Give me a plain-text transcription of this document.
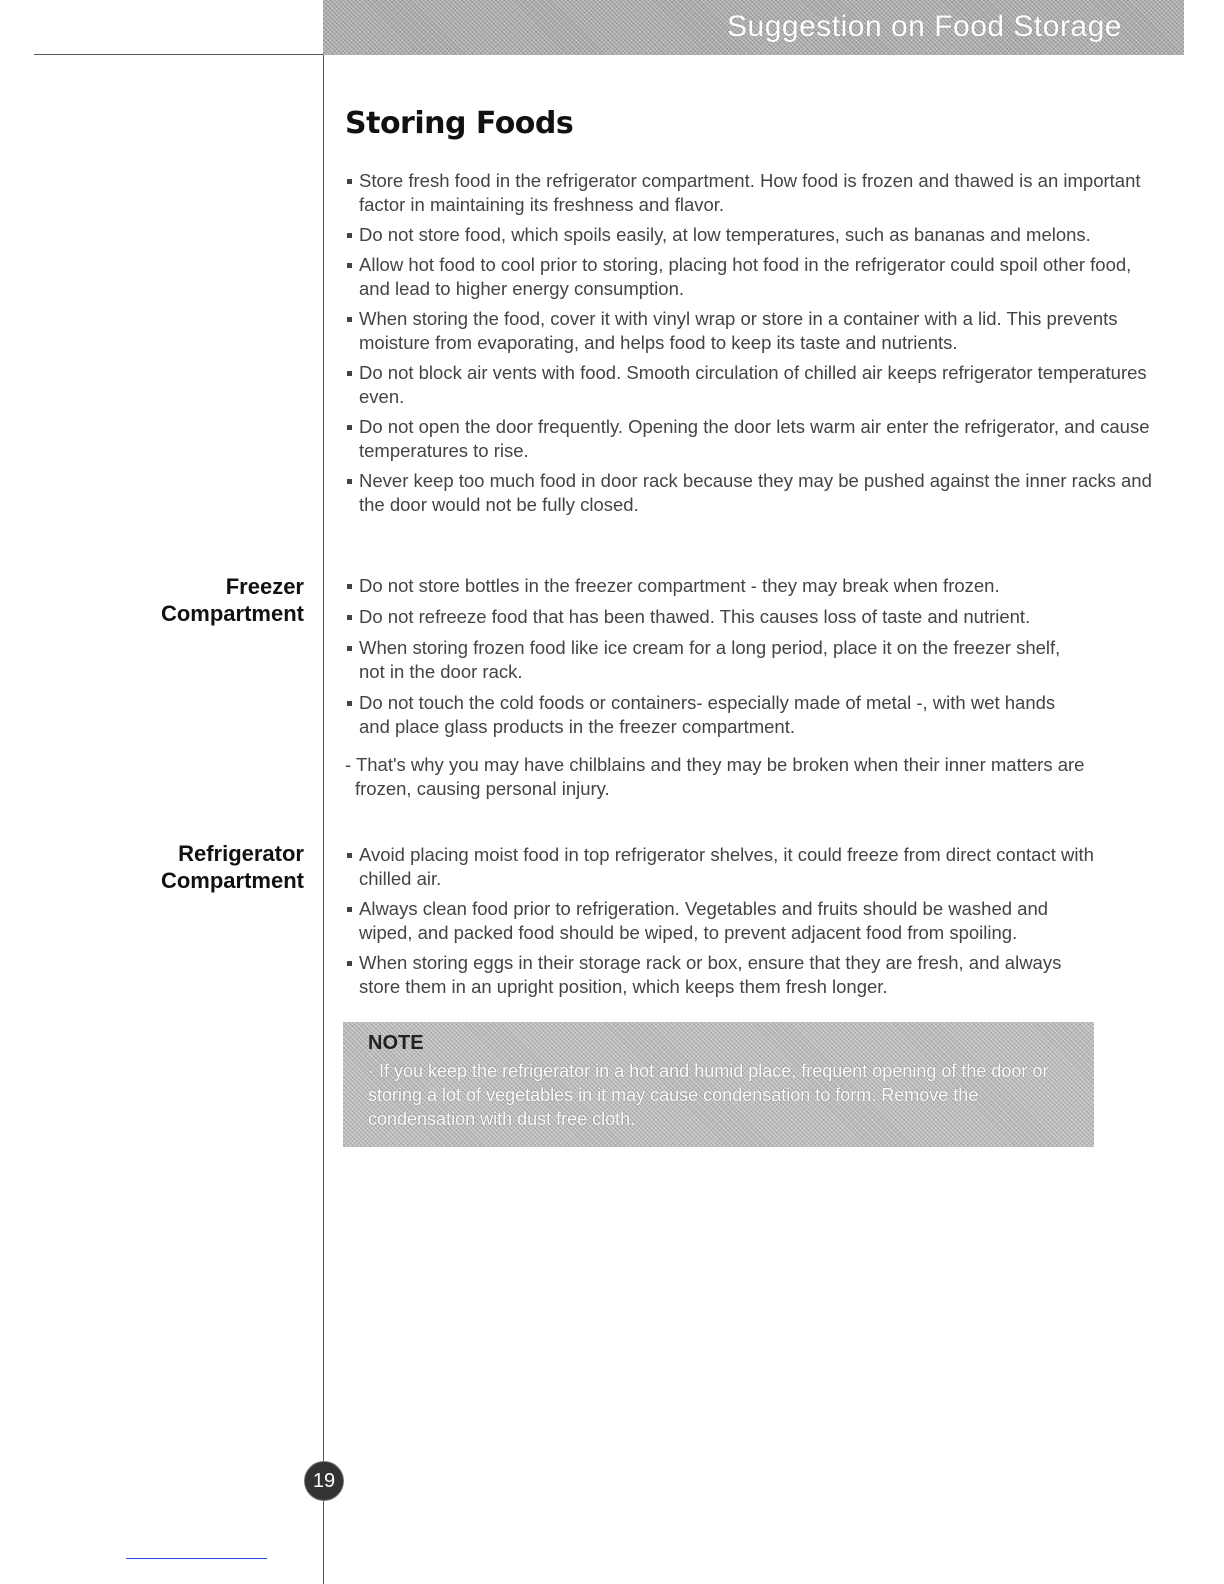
Suggestion on Food Storage
Storing Foods
Store fresh food in the refrigerator compartment. How food is frozen and thawed is an important factor in maintaining its freshness and flavor.
Do not store food, which spoils easily, at low temperatures, such as bananas and melons.
Allow hot food to cool prior to storing, placing hot food in the refrigerator could spoil other food, and lead to higher energy consumption.
When storing the food, cover it with vinyl wrap or store in a container with a lid. This prevents moisture from evaporating, and helps food to keep its taste and nutrients.
Do not block air vents with food. Smooth circulation of chilled air keeps refrigerator temperatures even.
Do not open the door frequently. Opening the door lets warm air enter the refrigerator, and cause temperatures to rise.
Never keep too much food in door rack because they may be pushed against the inner racks and the door would not be fully closed.
Freezer
Compartment
Do not store bottles in the freezer compartment - they may break when frozen.
Do not refreeze food that has been thawed. This causes loss of taste and nutrient.
When storing frozen food like ice cream for a long period, place it on the freezer shelf, not in the door rack.
Do not touch the cold foods or containers- especially made of metal -, with wet hands and place glass products in the freezer compartment.
- That's why you may have chilblains and they may be broken when their inner matters are frozen, causing personal injury.
Refrigerator
Compartment
Avoid placing moist food in top refrigerator shelves, it could freeze from direct contact with chilled air.
Always clean food prior to refrigeration. Vegetables and fruits should be washed and wiped, and packed food should be wiped, to prevent adjacent food from spoiling.
When storing eggs in their storage rack or box, ensure that they are fresh, and always store them in an upright position, which keeps them fresh longer.
NOTE
· If you keep the refrigerator in a hot and humid place, frequent opening of the door or storing a lot of vegetables in it may cause condensation to form. Remove the condensation with dust free cloth.
19
